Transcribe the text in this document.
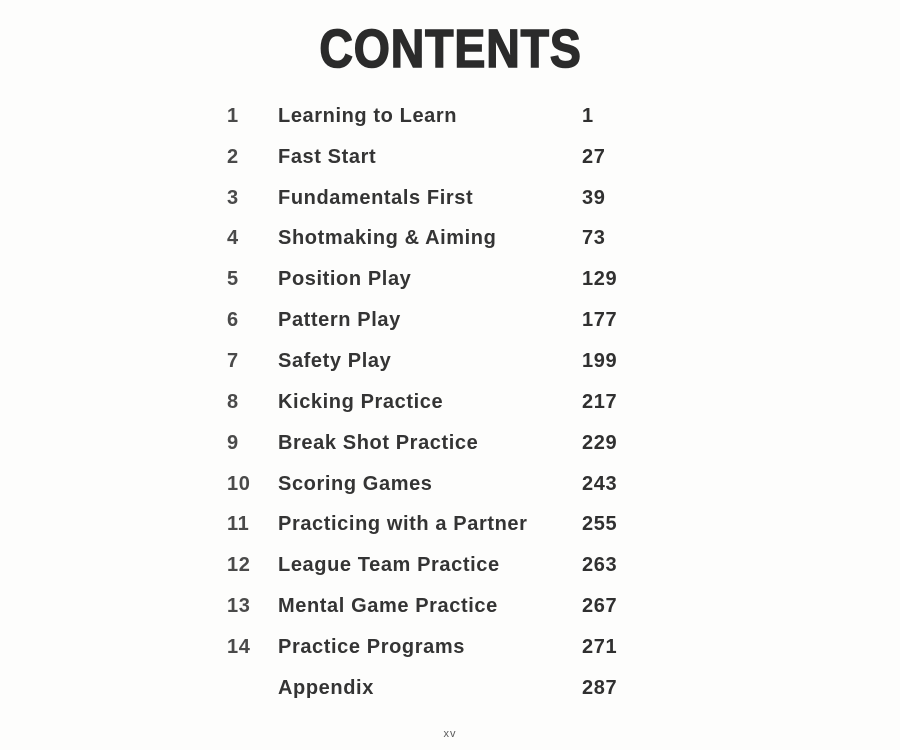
CONTENTS
1	Learning to Learn	1
2	Fast Start	27
3	Fundamentals First	39
4	Shotmaking & Aiming	73
5	Position Play	129
6	Pattern Play	177
7	Safety Play	199
8	Kicking Practice	217
9	Break Shot Practice	229
10	Scoring Games	243
11	Practicing with a Partner	255
12	League Team Practice	263
13	Mental Game Practice	267
14	Practice Programs	271
Appendix	287
xv
